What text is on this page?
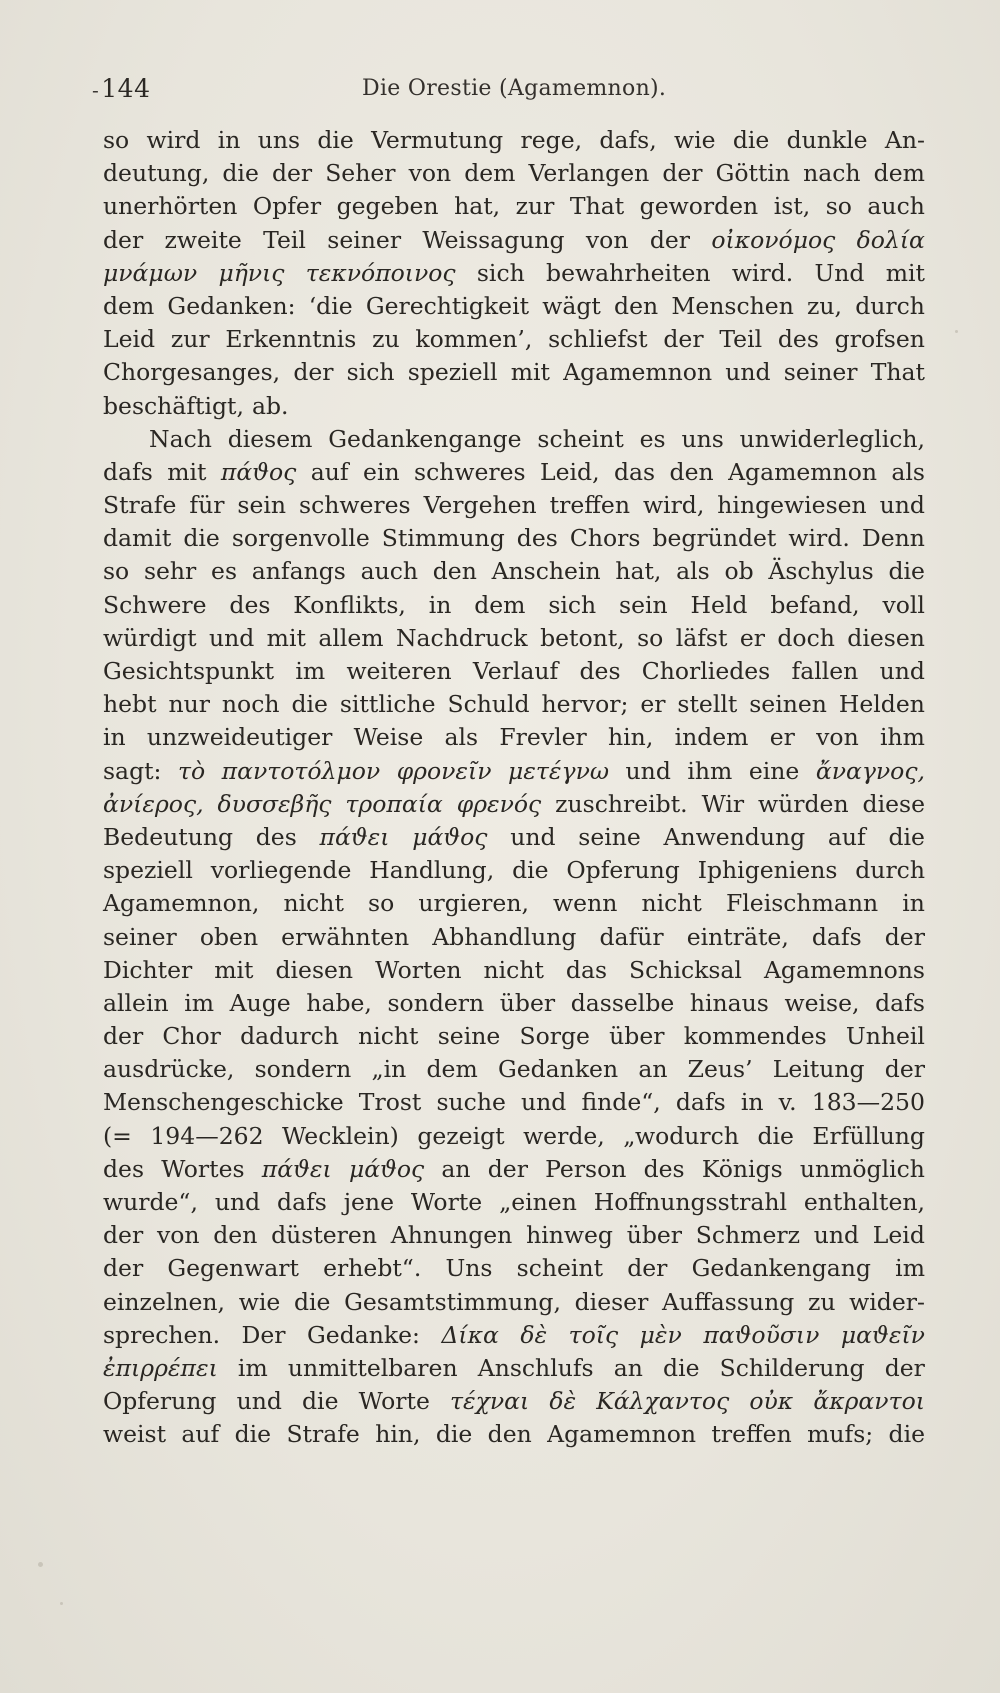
-144	Die Orestie (Agamemnon).
so wird in uns die Vermutung rege, dafs, wie die dunkle An-
deutung, die der Seher von dem Verlangen der Göttin nach dem
unerhörten Opfer gegeben hat, zur That geworden ist, so auch
der zweite Teil seiner Weissagung von der οἰκονόμος δολία
μνάμων μῆνις τεκνόποινος sich bewahrheiten wird. Und mit
dem Gedanken: ʻdie Gerechtigkeit wägt den Menschen zu, durch
Leid zur Erkenntnis zu kommen’, schliefst der Teil des grofsen
Chorgesanges, der sich speziell mit Agamemnon und seiner That
beschäftigt, ab.
Nach diesem Gedankengange scheint es uns unwiderleglich,
dafs mit πάϑος auf ein schweres Leid, das den Agamemnon als
Strafe für sein schweres Vergehen treffen wird, hingewiesen und
damit die sorgenvolle Stimmung des Chors begründet wird. Denn
so sehr es anfangs auch den Anschein hat, als ob Äschylus die
Schwere des Konflikts, in dem sich sein Held befand, voll
würdigt und mit allem Nachdruck betont, so läfst er doch diesen
Gesichtspunkt im weiteren Verlauf des Chorliedes fallen und
hebt nur noch die sittliche Schuld hervor; er stellt seinen Helden
in unzweideutiger Weise als Frevler hin, indem er von ihm
sagt: τὸ παντοτόλμον φρονεῖν μετέγνω und ihm eine ἄναγνος,
ἀνίερος, δυσσεβῆς τροπαία φρενός zuschreibt. Wir würden diese
Bedeutung des πάϑει μάϑος und seine Anwendung auf die
speziell vorliegende Handlung, die Opferung Iphigeniens durch
Agamemnon, nicht so urgieren, wenn nicht Fleischmann in
seiner oben erwähnten Abhandlung dafür einträte, dafs der
Dichter mit diesen Worten nicht das Schicksal Agamemnons
allein im Auge habe, sondern über dasselbe hinaus weise, dafs
der Chor dadurch nicht seine Sorge über kommendes Unheil
ausdrücke, sondern „in dem Gedanken an Zeus’ Leitung der
Menschengeschicke Trost suche und finde“, dafs in v. 183—250
(= 194—262 Wecklein) gezeigt werde, „wodurch die Erfüllung
des Wortes πάϑει μάϑος an der Person des Königs unmöglich
wurde“, und dafs jene Worte „einen Hoffnungsstrahl enthalten,
der von den düsteren Ahnungen hinweg über Schmerz und Leid
der Gegenwart erhebt“. Uns scheint der Gedankengang im
einzelnen, wie die Gesamtstimmung, dieser Auffassung zu wider-
sprechen. Der Gedanke: Δίκα δὲ τοῖς μὲν παϑοῦσιν μαϑεῖν
ἐπιρρέπει im unmittelbaren Anschlufs an die Schilderung der
Opferung und die Worte τέχναι δὲ Κάλχαντος οὐκ ἄκραντοι
weist auf die Strafe hin, die den Agamemnon treffen mufs; die
